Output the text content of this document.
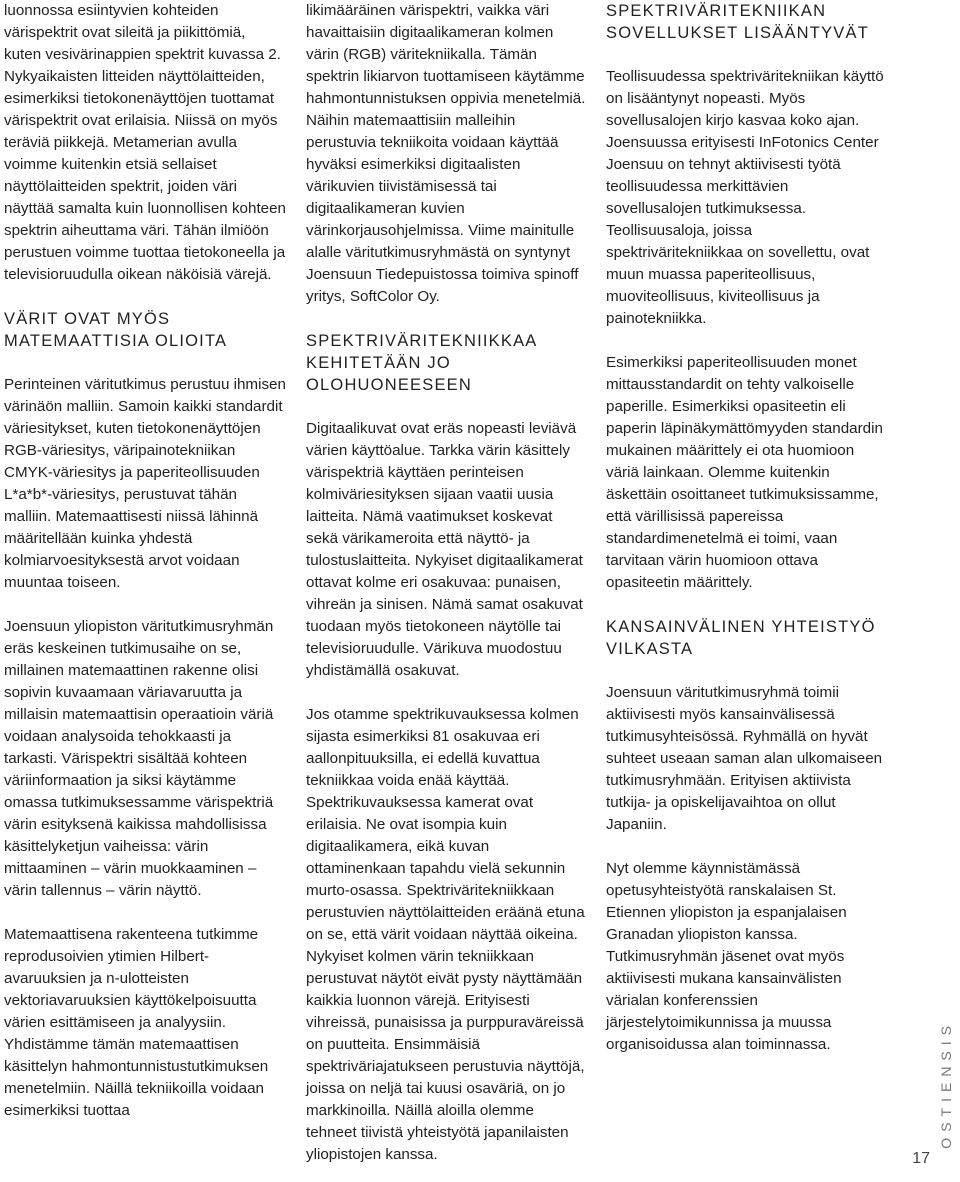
luonnossa esiintyvien kohteiden värispektrit ovat sileitä ja piikittömiä, kuten vesivärinappien spektrit kuvassa 2. Nykyaikaisten litteiden näyttölaitteiden, esimerkiksi tietokonenäyttöjen tuottamat värispektrit ovat erilaisia. Niissä on myös teräviä piikkejä. Metamerian avulla voimme kuitenkin etsiä sellaiset näyttölaitteiden spektrit, joiden väri näyttää samalta kuin luonnollisen kohteen spektrin aiheuttama väri. Tähän ilmiöön perustuen voimme tuottaa tietokoneella ja televisioruudulla oikean näköisiä värejä.

VÄRIT OVAT MYÖS MATEMAATTISIA OLIOITA

Perinteinen väritutkimus perustuu ihmisen värinäön malliin. Samoin kaikki standardit väriesitykset, kuten tietokonenäyttöjen RGB-väriesitys, väripainotekniikan CMYK-väriesitys ja paperiteollisuuden L*a*b*-väriesitys, perustuvat tähän malliin. Matemaattisesti niissä lähinnä määritellään kuinka yhdestä kolmiarvoesityksestä arvot voidaan muuntaa toiseen.

Joensuun yliopiston väritutkimusryhmän eräs keskeinen tutkimusaihe on se, millainen matemaattinen rakenne olisi sopivin kuvaamaan väriavaruutta ja millaisin matemaattisin operaatioin väriä voidaan analysoida tehokkaasti ja tarkasti. Värispektri sisältää kohteen väriinformaation ja siksi käytämme omassa tutkimuksessamme värispektriä värin esityksenä kaikissa mahdollisissa käsittelyketjun vaiheissa: värin mittaaminen – värin muokkaaminen – värin tallennus – värin näyttö.

Matemaattisena rakenteena tutkimme reprodusoivien ytimien Hilbert-avaruuksien ja n-ulotteisten vektoriavaruuksien käyttökelpoisuutta värien esittämiseen ja analyysiin. Yhdistämme tämän matemaattisen käsittelyn hahmontunnistustutkimuksen menetelmiin. Näillä tekniikoilla voidaan esimerkiksi tuottaa

likimääräinen värispektri, vaikka väri havaittaisiin digitaalikameran kolmen värin (RGB) väritekniikalla. Tämän spektrin likiarvon tuottamiseen käytämme hahmontunnistuksen oppivia menetelmiä. Näihin matemaattisiin malleihin perustuvia tekniikoita voidaan käyttää hyväksi esimerkiksi digitaalisten värikuvien tiivistämisessä tai digitaalikameran kuvien värinkorjausohjelmissa. Viime mainitulle alalle väritutkimusryhmästä on syntynyt Joensuun Tiedepuistossa toimiva spinoff yritys, SoftColor Oy.

SPEKTRIVÄRITEKNIIKKAA KEHITETÄÄN JO OLOHUONEESEEN

Digitaalikuvat ovat eräs nopeasti leviävä värien käyttöalue. Tarkka värin käsittely värispektriä käyttäen perinteisen kolmiväriesityksen sijaan vaatii uusia laitteita. Nämä vaatimukset koskevat sekä värikameroita että näyttö- ja tulostuslaitteita. Nykyiset digitaalikamerat ottavat kolme eri osakuvaa: punaisen, vihreän ja sinisen. Nämä samat osakuvat tuodaan myös tietokoneen näytölle tai televisioruudulle. Värikuva muodostuu yhdistämällä osakuvat.

Jos otamme spektrikuvauksessa kolmen sijasta esimerkiksi 81 osakuvaa eri aallonpituuksilla, ei edellä kuvattua tekniikkaa voida enää käyttää. Spektrikuvauksessa kamerat ovat erilaisia. Ne ovat isompia kuin digitaalikamera, eikä kuvan ottaminenkaan tapahdu vielä sekunnin murto-osassa. Spektriväritekniikkaan perustuvien näyttölaitteiden eräänä etuna on se, että värit voidaan näyttää oikeina. Nykyiset kolmen värin tekniikkaan perustuvat näytöt eivät pysty näyttämään kaikkia luonnon värejä. Erityisesti vihreissä, punaisissa ja purppuraväreissä on puutteita. Ensimmäisiä spektriväriajatukseen perustuvia näyttöjä, joissa on neljä tai kuusi osaväriä, on jo markkinoilla. Näillä aloilla olemme tehneet tiivistä yhteistyötä japanilaisten yliopistojen kanssa.

SPEKTRIVÄRITEKNIIKAN SOVELLUKSET LISÄÄNTYVÄT

Teollisuudessa spektriväritekniikan käyttö on lisääntynyt nopeasti. Myös sovellusalojen kirjo kasvaa koko ajan. Joensuussa erityisesti InFotonics Center Joensuu on tehnyt aktiivisesti työtä teollisuudessa merkittävien sovellusalojen tutkimuksessa. Teollisuusaloja, joissa spektriväritekniikkaa on sovellettu, ovat muun muassa paperiteollisuus, muoviteollisuus, kiviteollisuus ja painotekniikka.

Esimerkiksi paperiteollisuuden monet mittausstandardit on tehty valkoiselle paperille. Esimerkiksi opasiteetin eli paperin läpinäkymättömyyden standardin mukainen määrittely ei ota huomioon väriä lainkaan. Olemme kuitenkin äskettäin osoittaneet tutkimuksissamme, että värillisissä papereissa standardimenetelmä ei toimi, vaan tarvitaan värin huomioon ottava opasiteetin määrittely.

KANSAINVÄLINEN YHTEISTYÖ VILKASTA

Joensuun väritutkimusryhmä toimii aktiivisesti myös kansainvälisessä tutkimusyhteisössä. Ryhmällä on hyvät suhteet useaan saman alan ulkomaiseen tutkimusryhmään. Erityisen aktiivista tutkija- ja opiskelijavaihtoa on ollut Japaniin.

Nyt olemme käynnistämässä opetusyhteistyötä ranskalaisen St. Etiennen yliopiston ja espanjalaisen Granadan yliopiston kanssa. Tutkimusryhmän jäsenet ovat myös aktiivisesti mukana kansainvälisten värialan konferenssien järjestelytoimikunnissa ja muussa organisoidussa alan toiminnassa.	OSTIENSIS
17
